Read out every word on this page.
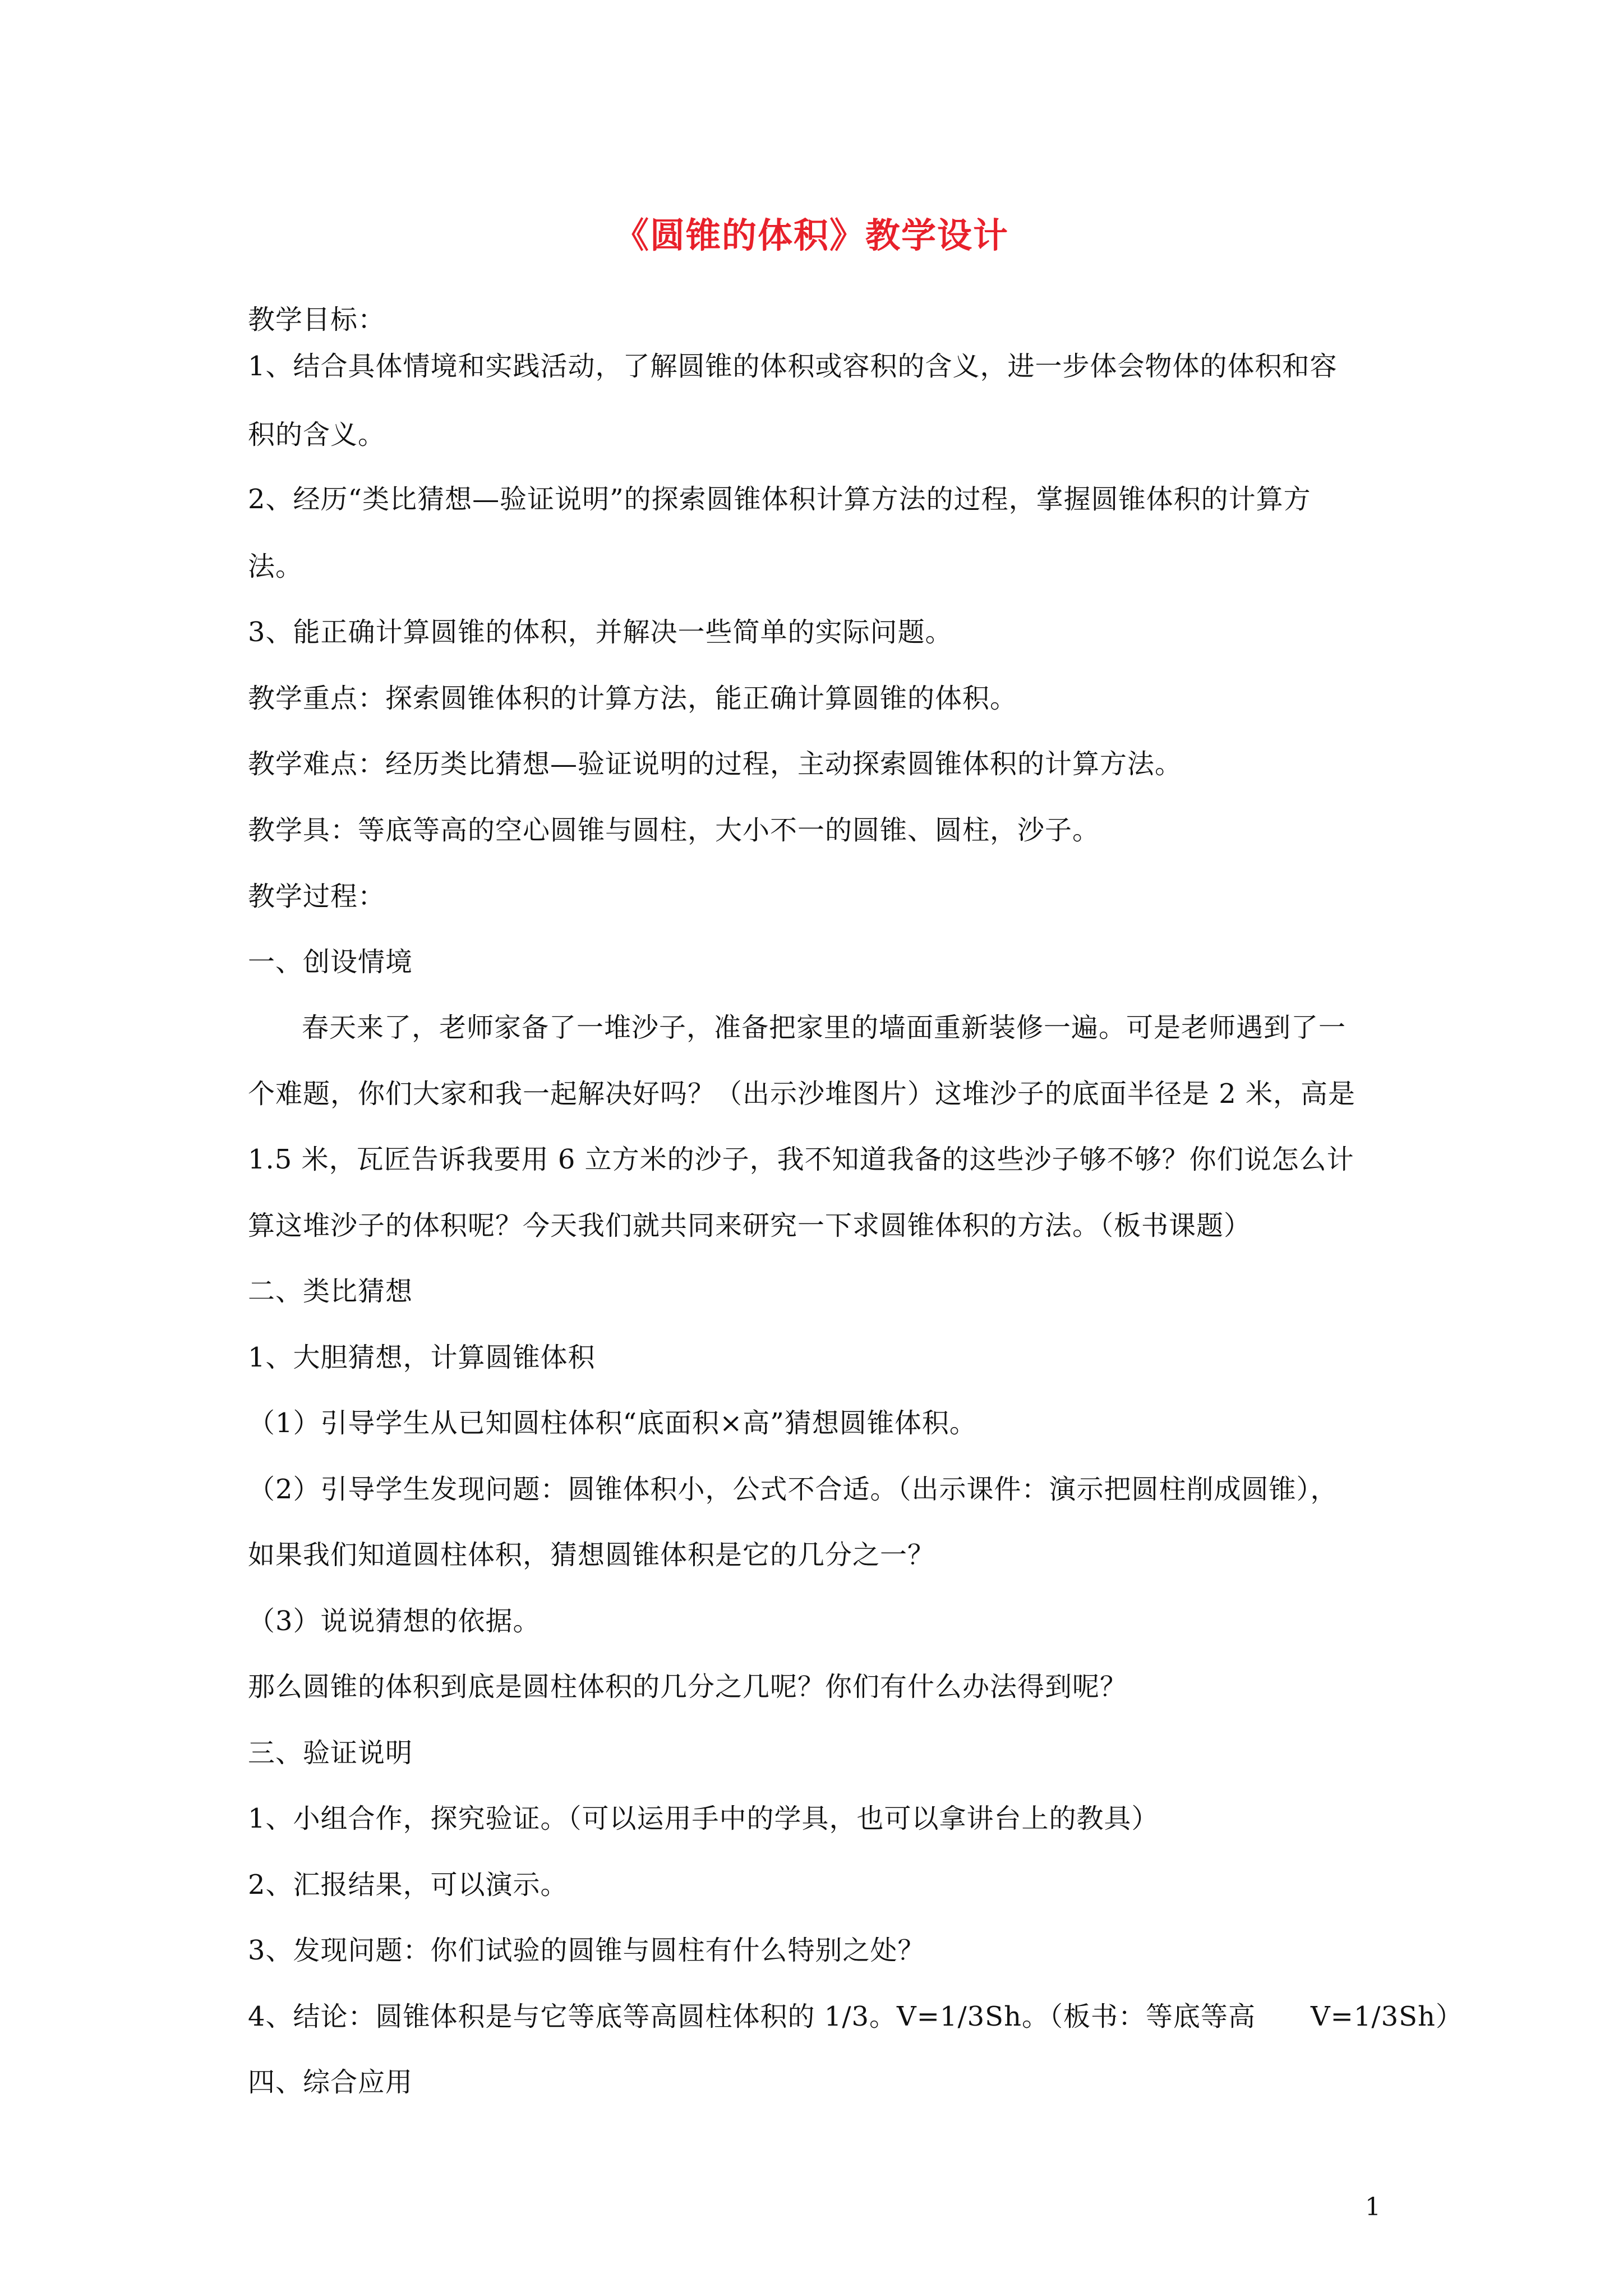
《圆锥的体积》教学设计
教学目标：
1、结合具体情境和实践活动，了解圆锥的体积或容积的含义，进一步体会物体的体积和容
积的含义。
2、经历“类比猜想—验证说明”的探索圆锥体积计算方法的过程，掌握圆锥体积的计算方
法。
3、能正确计算圆锥的体积，并解决一些简单的实际问题。
教学重点：探索圆锥体积的计算方法，能正确计算圆锥的体积。
教学难点：经历类比猜想—验证说明的过程，主动探索圆锥体积的计算方法。
教学具：等底等高的空心圆锥与圆柱，大小不一的圆锥、圆柱，沙子。
教学过程：
一、创设情境
春天来了，老师家备了一堆沙子，准备把家里的墙面重新装修一遍。可是老师遇到了一
个难题，你们大家和我一起解决好吗？（出示沙堆图片）这堆沙子的底面半径是 2 米，高是
1.5 米，瓦匠告诉我要用 6 立方米的沙子，我不知道我备的这些沙子够不够？你们说怎么计
算这堆沙子的体积呢？今天我们就共同来研究一下求圆锥体积的方法。（板书课题）
二、类比猜想
1、大胆猜想，计算圆锥体积
（1）引导学生从已知圆柱体积“底面积×高”猜想圆锥体积。
（2）引导学生发现问题：圆锥体积小，公式不合适。（出示课件：演示把圆柱削成圆锥），
如果我们知道圆柱体积，猜想圆锥体积是它的几分之一？
（3）说说猜想的依据。
那么圆锥的体积到底是圆柱体积的几分之几呢？你们有什么办法得到呢？
三、验证说明
1、小组合作，探究验证。（可以运用手中的学具，也可以拿讲台上的教具）
2、汇报结果，可以演示。
3、发现问题：你们试验的圆锥与圆柱有什么特别之处？
4、结论：圆锥体积是与它等底等高圆柱体积的 1/3。V=1/3Sh。（板书：等底等高　　V=1/3Sh）
四、综合应用
1
